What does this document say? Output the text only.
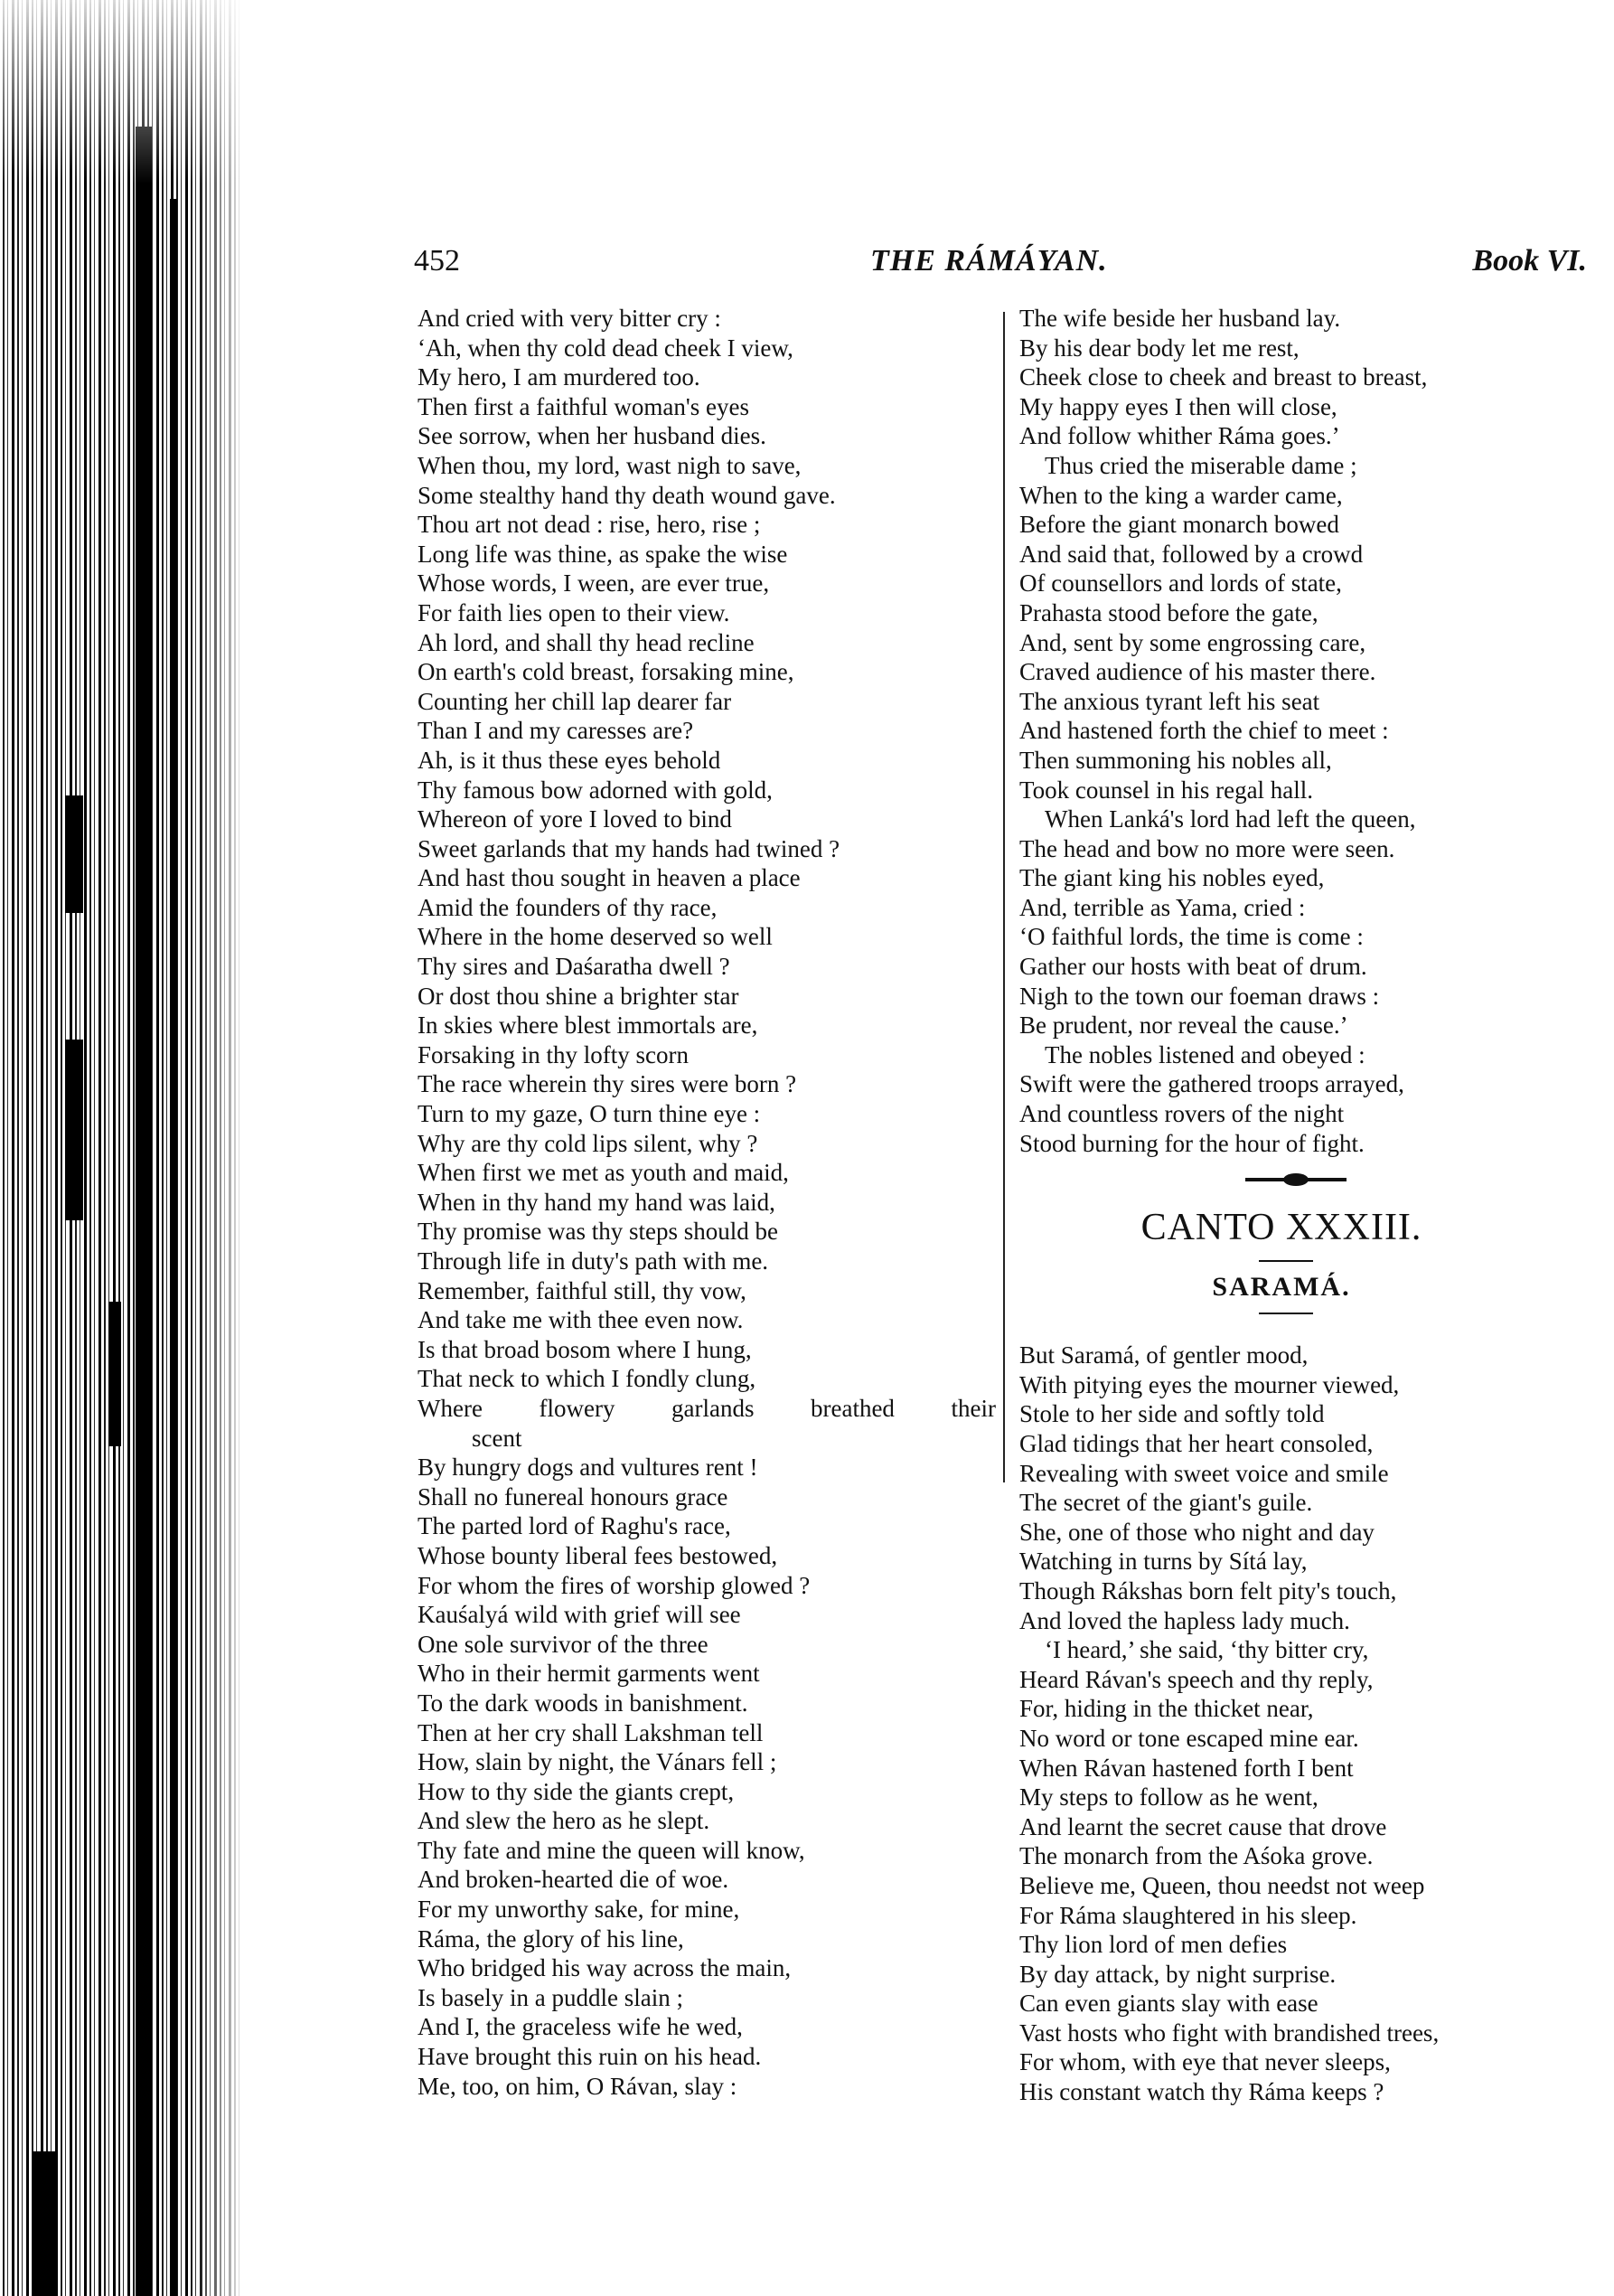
452	THE RÁMÁYAN.	Book VI.
And cried with very bitter cry :
‘Ah, when thy cold dead cheek I view,
My hero, I am murdered too.
Then first a faithful woman's eyes
See sorrow, when her husband dies.
When thou, my lord, wast nigh to save,
Some stealthy hand thy death wound gave.
Thou art not dead : rise, hero, rise ;
Long life was thine, as spake the wise
Whose words, I ween, are ever true,
For faith lies open to their view.
Ah lord, and shall thy head recline
On earth's cold breast, forsaking mine,
Counting her chill lap dearer far
Than I and my caresses are?
Ah, is it thus these eyes behold
Thy famous bow adorned with gold,
Whereon of yore I loved to bind
Sweet garlands that my hands had twined ?
And hast thou sought in heaven a place
Amid the founders of thy race,
Where in the home deserved so well
Thy sires and Daśaratha dwell ?
Or dost thou shine a brighter star
In skies where blest immortals are,
Forsaking in thy lofty scorn
The race wherein thy sires were born ?
Turn to my gaze, O turn thine eye :
Why are thy cold lips silent, why ?
When first we met as youth and maid,
When in thy hand my hand was laid,
Thy promise was thy steps should be
Through life in duty's path with me.
Remember, faithful still, thy vow,
And take me with thee even now.
Is that broad bosom where I hung,
That neck to which I fondly clung,
Where flowery garlands breathed their
scent
By hungry dogs and vultures rent !
Shall no funereal honours grace
The parted lord of Raghu's race,
Whose bounty liberal fees bestowed,
For whom the fires of worship glowed ?
Kauśalyá wild with grief will see
One sole survivor of the three
Who in their hermit garments went
To the dark woods in banishment.
Then at her cry shall Lakshman tell
How, slain by night, the Vánars fell ;
How to thy side the giants crept,
And slew the hero as he slept.
Thy fate and mine the queen will know,
And broken-hearted die of woe.
For my unworthy sake, for mine,
Ráma, the glory of his line,
Who bridged his way across the main,
Is basely in a puddle slain ;
And I, the graceless wife he wed,
Have brought this ruin on his head.
Me, too, on him, O Rávan, slay :
The wife beside her husband lay.
By his dear body let me rest,
Cheek close to cheek and breast to breast,
My happy eyes I then will close,
And follow whither Ráma goes.’
Thus cried the miserable dame ;
When to the king a warder came,
Before the giant monarch bowed
And said that, followed by a crowd
Of counsellors and lords of state,
Prahasta stood before the gate,
And, sent by some engrossing care,
Craved audience of his master there.
The anxious tyrant left his seat
And hastened forth the chief to meet :
Then summoning his nobles all,
Took counsel in his regal hall.
When Lanká's lord had left the queen,
The head and bow no more were seen.
The giant king his nobles eyed,
And, terrible as Yama, cried :
‘O faithful lords, the time is come :
Gather our hosts with beat of drum.
Nigh to the town our foeman draws :
Be prudent, nor reveal the cause.’
The nobles listened and obeyed :
Swift were the gathered troops arrayed,
And countless rovers of the night
Stood burning for the hour of fight.
CANTO XXXIII.
SARAMÁ.
But Saramá, of gentler mood,
With pitying eyes the mourner viewed,
Stole to her side and softly told
Glad tidings that her heart consoled,
Revealing with sweet voice and smile
The secret of the giant's guile.
She, one of those who night and day
Watching in turns by Sítá lay,
Though Rákshas born felt pity's touch,
And loved the hapless lady much.
‘I heard,’ she said, ‘thy bitter cry,
Heard Rávan's speech and thy reply,
For, hiding in the thicket near,
No word or tone escaped mine ear.
When Rávan hastened forth I bent
My steps to follow as he went,
And learnt the secret cause that drove
The monarch from the Aśoka grove.
Believe me, Queen, thou needst not weep
For Ráma slaughtered in his sleep.
Thy lion lord of men defies
By day attack, by night surprise.
Can even giants slay with ease
Vast hosts who fight with brandished trees,
For whom, with eye that never sleeps,
His constant watch thy Ráma keeps ?
